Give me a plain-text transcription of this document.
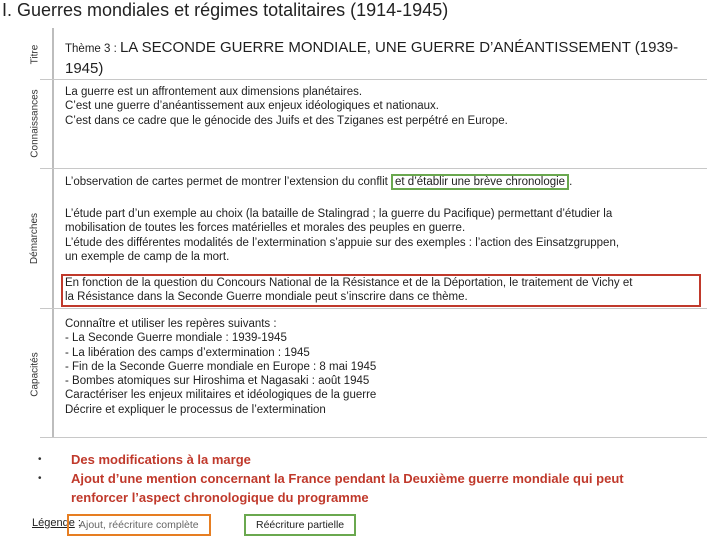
I. Guerres mondiales et régimes totalitaires (1914-1945)
Titre
Connaissances
Démarches
Capacités
Thème 3 : LA SECONDE GUERRE MONDIALE, UNE GUERRE D’ANÉANTISSEMENT (1939-
1945)
La guerre est un affrontement aux dimensions planétaires.
C’est une guerre d’anéantissement aux enjeux idéologiques et nationaux.
C’est dans ce cadre que le génocide des Juifs et des Tziganes est perpétré en Europe.
L’observation de cartes permet de montrer l’extension du conflit et d’établir une brève chronologie .
L’étude part d’un exemple au choix (la bataille de Stalingrad ; la guerre du Pacifique) permettant d’étudier la
mobilisation de toutes les forces matérielles et morales des peuples en guerre.
L’étude des différentes modalités de l’extermination s’appuie sur des exemples : l’action des Einsatzgruppen,
un exemple de camp de la mort.
En fonction de la question du Concours National de la Résistance et de la Déportation, le traitement de Vichy et
la Résistance dans la Seconde Guerre mondiale peut s’inscrire dans ce thème.
Connaître et utiliser les repères suivants :
- La Seconde Guerre mondiale : 1939-1945
- La libération des camps d’extermination : 1945
- Fin de la Seconde Guerre mondiale en Europe : 8 mai 1945
- Bombes atomiques sur Hiroshima et Nagasaki : août 1945
Caractériser les enjeux militaires et idéologiques de la guerre
Décrire et expliquer le processus de l’extermination
• Des modifications à la marge
• Ajout d’une mention concernant la France pendant la Deuxième guerre mondiale qui peut
renforcer l’aspect chronologique du programme
Légende :
Ajout, réécriture complète	Réécriture partielle
